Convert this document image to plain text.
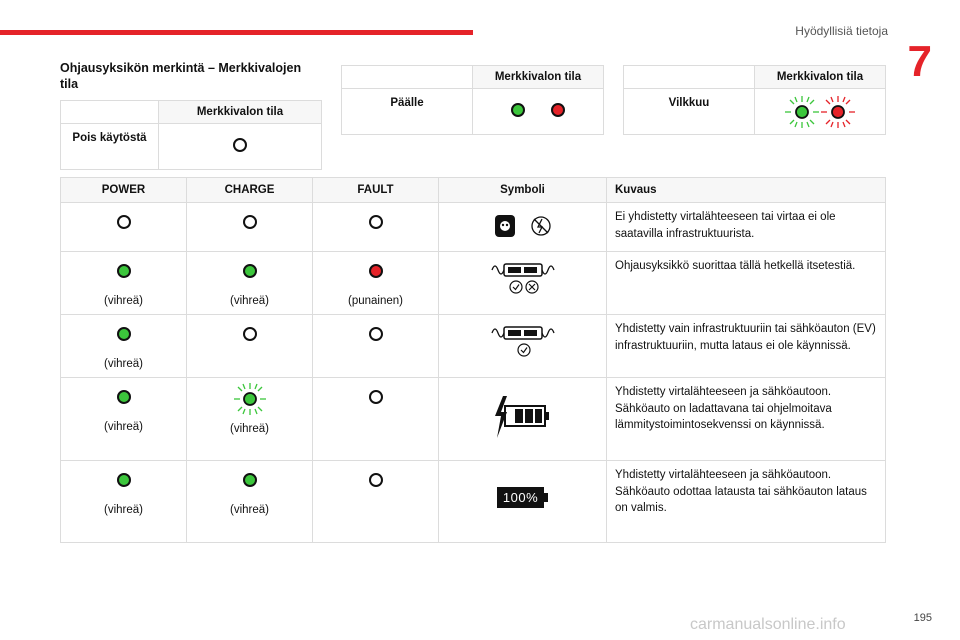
Hyödyllisiä tietoja
7
Ohjausyksikön merkintä – Merkkivalojen tila
	Merkkivalon tila
Pois käytöstä	
	Merkkivalon tila
Päälle	
	Merkkivalon tila
Vilkkuu	
POWER	CHARGE	FAULT	Symboli	Kuvaus
				Ei yhdistetty virtalähteeseen tai virtaa ei ole saatavilla infrastruktuurista.

(vihreä)	(vihreä)	(punainen)		Ohjausyksikkö suorittaa tällä hetkellä itsetestiä.

(vihreä)				Yhdistetty vain infrastruktuuriin tai sähköauton (EV) infrastruktuuriin, mutta lataus ei ole käynnissä.

(vihreä)	(vihreä)			Yhdistetty virtalähteeseen ja sähköautoon. Sähköauto on ladattavana tai ohjelmoitava lämmitystoimintosekvenssi on käynnissä.

(vihreä)	(vihreä)		100%	Yhdistetty virtalähteeseen ja sähköautoon. Sähköauto odottaa latausta tai sähköauton lataus on valmis.
195
carmanualsonline.info
